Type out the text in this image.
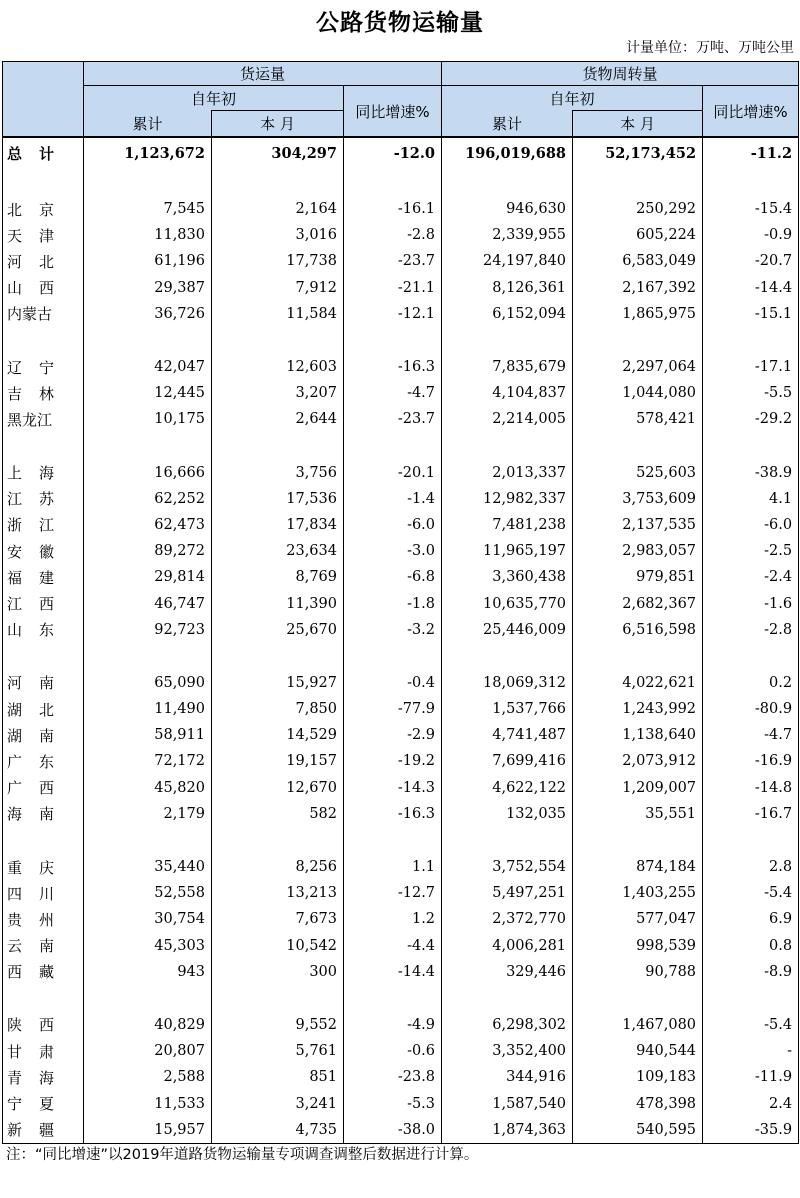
公路货物运输量
计量单位：万吨、万吨公里
	货运量			货物周转量		
	自年初		同比增速%	自年初		同比增速%
	累计	本 月		累计	本 月	
总计	1,123,672	304,297	-12.0	196,019,688	52,173,452	-11.2

北京	7,545	2,164	-16.1	946,630	250,292	-15.4
天津	11,830	3,016	-2.8	2,339,955	605,224	-0.9
河北	61,196	17,738	-23.7	24,197,840	6,583,049	-20.7
山西	29,387	7,912	-21.1	8,126,361	2,167,392	-14.4
内蒙古	36,726	11,584	-12.1	6,152,094	1,865,975	-15.1

辽宁	42,047	12,603	-16.3	7,835,679	2,297,064	-17.1
吉林	12,445	3,207	-4.7	4,104,837	1,044,080	-5.5
黑龙江	10,175	2,644	-23.7	2,214,005	578,421	-29.2

上海	16,666	3,756	-20.1	2,013,337	525,603	-38.9
江苏	62,252	17,536	-1.4	12,982,337	3,753,609	4.1
浙江	62,473	17,834	-6.0	7,481,238	2,137,535	-6.0
安徽	89,272	23,634	-3.0	11,965,197	2,983,057	-2.5
福建	29,814	8,769	-6.8	3,360,438	979,851	-2.4
江西	46,747	11,390	-1.8	10,635,770	2,682,367	-1.6
山东	92,723	25,670	-3.2	25,446,009	6,516,598	-2.8

河南	65,090	15,927	-0.4	18,069,312	4,022,621	0.2
湖北	11,490	7,850	-77.9	1,537,766	1,243,992	-80.9
湖南	58,911	14,529	-2.9	4,741,487	1,138,640	-4.7
广东	72,172	19,157	-19.2	7,699,416	2,073,912	-16.9
广西	45,820	12,670	-14.3	4,622,122	1,209,007	-14.8
海南	2,179	582	-16.3	132,035	35,551	-16.7

重庆	35,440	8,256	1.1	3,752,554	874,184	2.8
四川	52,558	13,213	-12.7	5,497,251	1,403,255	-5.4
贵州	30,754	7,673	1.2	2,372,770	577,047	6.9
云南	45,303	10,542	-4.4	4,006,281	998,539	0.8
西藏	943	300	-14.4	329,446	90,788	-8.9

陕西	40,829	9,552	-4.9	6,298,302	1,467,080	-5.4
甘肃	20,807	5,761	-0.6	3,352,400	940,544	-
青海	2,588	851	-23.8	344,916	109,183	-11.9
宁夏	11,533	3,241	-5.3	1,587,540	478,398	2.4
新疆	15,957	4,735	-38.0	1,874,363	540,595	-35.9
注：“同比增速”以2019年道路货物运输量专项调查调整后数据进行计算。
